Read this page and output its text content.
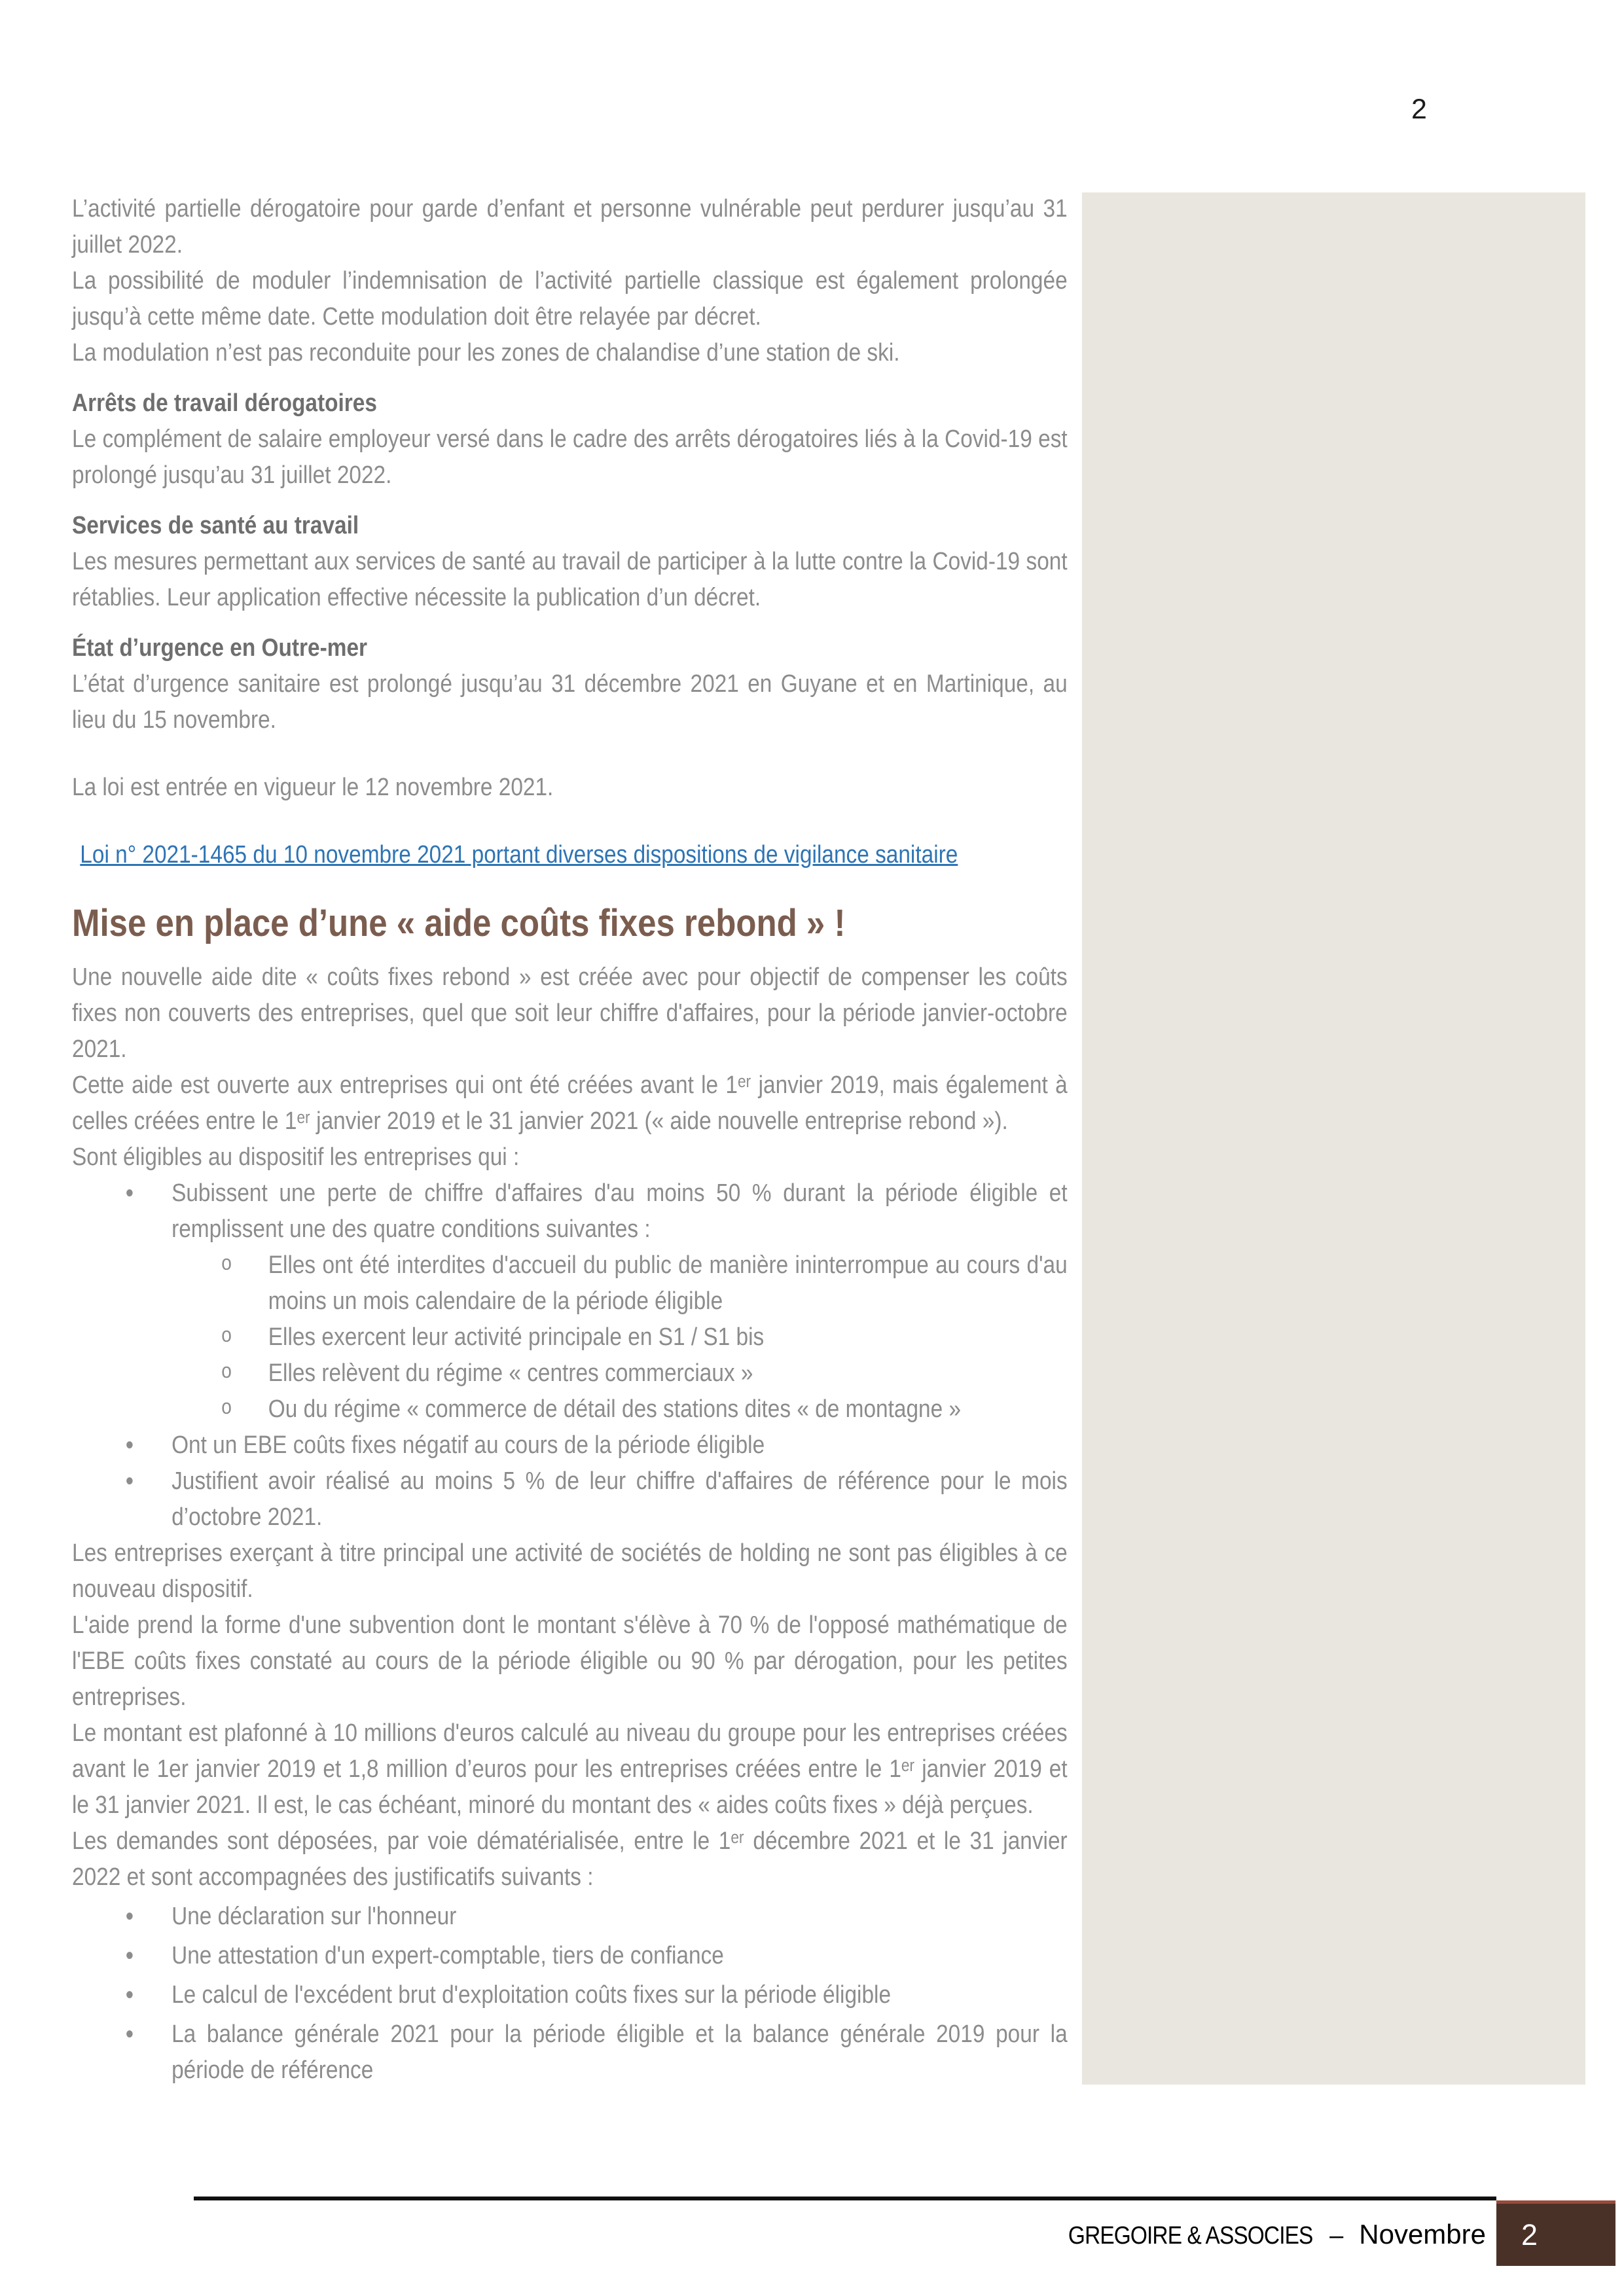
2

L’activité partielle dérogatoire pour garde d’enfant et personne vulnérable peut perdurer jusqu’au 31 juillet 2022.

La possibilité de moduler l’indemnisation de l’activité partielle classique est également prolongée jusqu’à cette même date. Cette modulation doit être relayée par décret.

La modulation n’est pas reconduite pour les zones de chalandise d’une station de ski.

Arrêts de travail dérogatoires

Le complément de salaire employeur versé dans le cadre des arrêts dérogatoires liés à la Covid-19 est prolongé jusqu’au 31 juillet 2022.

Services de santé au travail

Les mesures permettant aux services de santé au travail de participer à la lutte contre la Covid-19 sont rétablies. Leur application effective nécessite la publication d’un décret.

État d’urgence en Outre-mer

L’état d’urgence sanitaire est prolongé jusqu’au 31 décembre 2021 en Guyane et en Martinique, au lieu du 15 novembre.

La loi est entrée en vigueur le 12 novembre 2021.

Loi n° 2021-1465 du 10 novembre 2021 portant diverses dispositions de vigilance sanitaire

Mise en place d’une « aide coûts fixes rebond » !

Une nouvelle aide dite « coûts fixes rebond » est créée avec pour objectif de compenser les coûts fixes non couverts des entreprises, quel que soit leur chiffre d'affaires, pour la période janvier-octobre 2021.

Cette aide est ouverte aux entreprises qui ont été créées avant le 1ᵉʳ janvier 2019, mais également à celles créées entre le 1ᵉʳ janvier 2019 et le 31 janvier 2021 (« aide nouvelle entreprise rebond »).

Sont éligibles au dispositif les entreprises qui :

• Subissent une perte de chiffre d'affaires d'au moins 50 % durant la période éligible et remplissent une des quatre conditions suivantes :
o Elles ont été interdites d'accueil du public de manière ininterrompue au cours d'au moins un mois calendaire de la période éligible
o Elles exercent leur activité principale en S1 / S1 bis
o Elles relèvent du régime « centres commerciaux »
o Ou du régime « commerce de détail des stations dites « de montagne »
• Ont un EBE coûts fixes négatif au cours de la période éligible
• Justifient avoir réalisé au moins 5 % de leur chiffre d'affaires de référence pour le mois d’octobre 2021.

Les entreprises exerçant à titre principal une activité de sociétés de holding ne sont pas éligibles à ce nouveau dispositif.

L'aide prend la forme d'une subvention dont le montant s'élève à 70 % de l'opposé mathématique de l'EBE coûts fixes constaté au cours de la période éligible ou 90 % par dérogation, pour les petites entreprises.

Le montant est plafonné à 10 millions d'euros calculé au niveau du groupe pour les entreprises créées avant le 1er janvier 2019 et 1,8 million d’euros pour les entreprises créées entre le 1ᵉʳ janvier 2019 et le 31 janvier 2021. Il est, le cas échéant, minoré du montant des « aides coûts fixes » déjà perçues.

Les demandes sont déposées, par voie dématérialisée, entre le 1ᵉʳ décembre 2021 et le 31 janvier 2022 et sont accompagnées des justificatifs suivants :

• Une déclaration sur l'honneur
• Une attestation d'un expert-comptable, tiers de confiance
• Le calcul de l'excédent brut d'exploitation coûts fixes sur la période éligible
• La balance générale 2021 pour la période éligible et la balance générale 2019 pour la période de référence
GREGOIRE & ASSOCIES – Novembre 2
